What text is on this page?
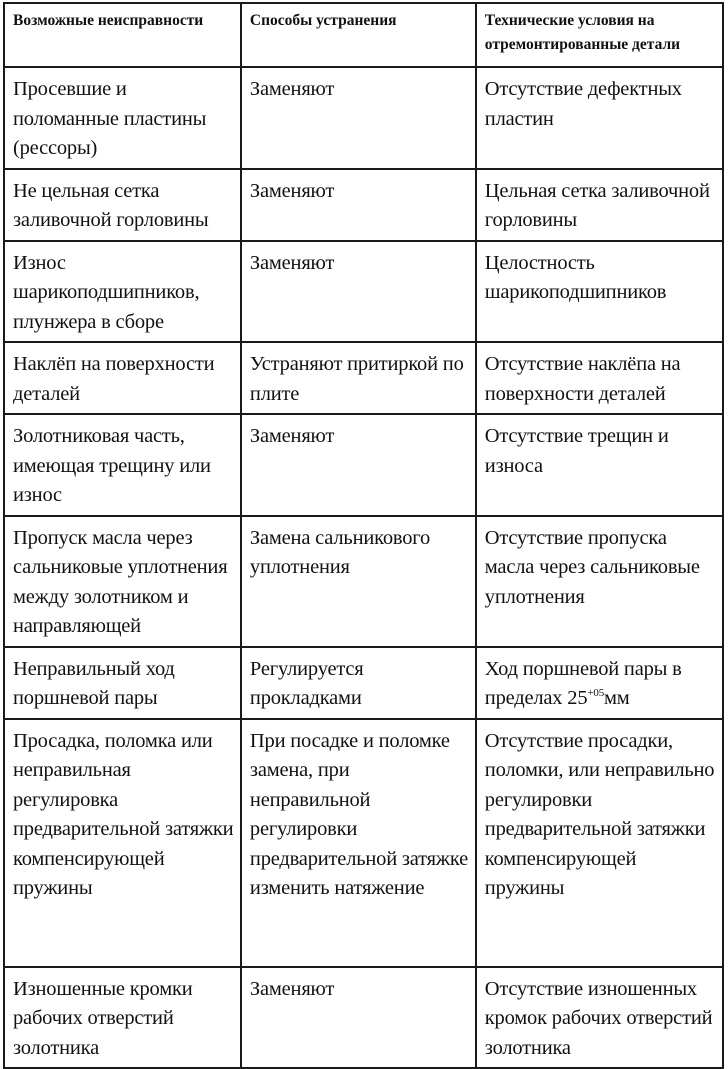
Возможные неисправности	Способы устранения	Технические условия на отремонтированные детали
Просевшие и поломанные пластины (рессоры)	Заменяют	Отсутствие дефектных пластин
Не цельная сетка заливочной горловины	Заменяют	Цельная сетка заливочной горловины
Износ шарикоподшипников, плунжера в сборе	Заменяют	Целостность шарикоподшипников
Наклёп на поверхности деталей	Устраняют притиркой по плите	Отсутствие наклёпа на поверхности деталей
Золотниковая часть, имеющая трещину или износ	Заменяют	Отсутствие трещин и износа
Пропуск масла через сальниковые уплотнения между золотником и направляющей	Замена сальникового уплотнения	Отсутствие пропуска масла через сальниковые уплотнения
Неправильный ход поршневой пары	Регулируется прокладками	Ход поршневой пары в пределах $25^{+05}мм$
Просадка, поломка или неправильная регулировка предварительной затяжки компенсирующей пружины	При посадке и поломке замена, при неправильной регулировки предварительной затяжке изменить натяжение	Отсутствие просадки, поломки, или неправильно регулировки предварительной затяжки компенсирующей пружины
Изношенные кромки рабочих отверстий золотника	Заменяют	Отсутствие изношенных кромок рабочих отверстий золотника
